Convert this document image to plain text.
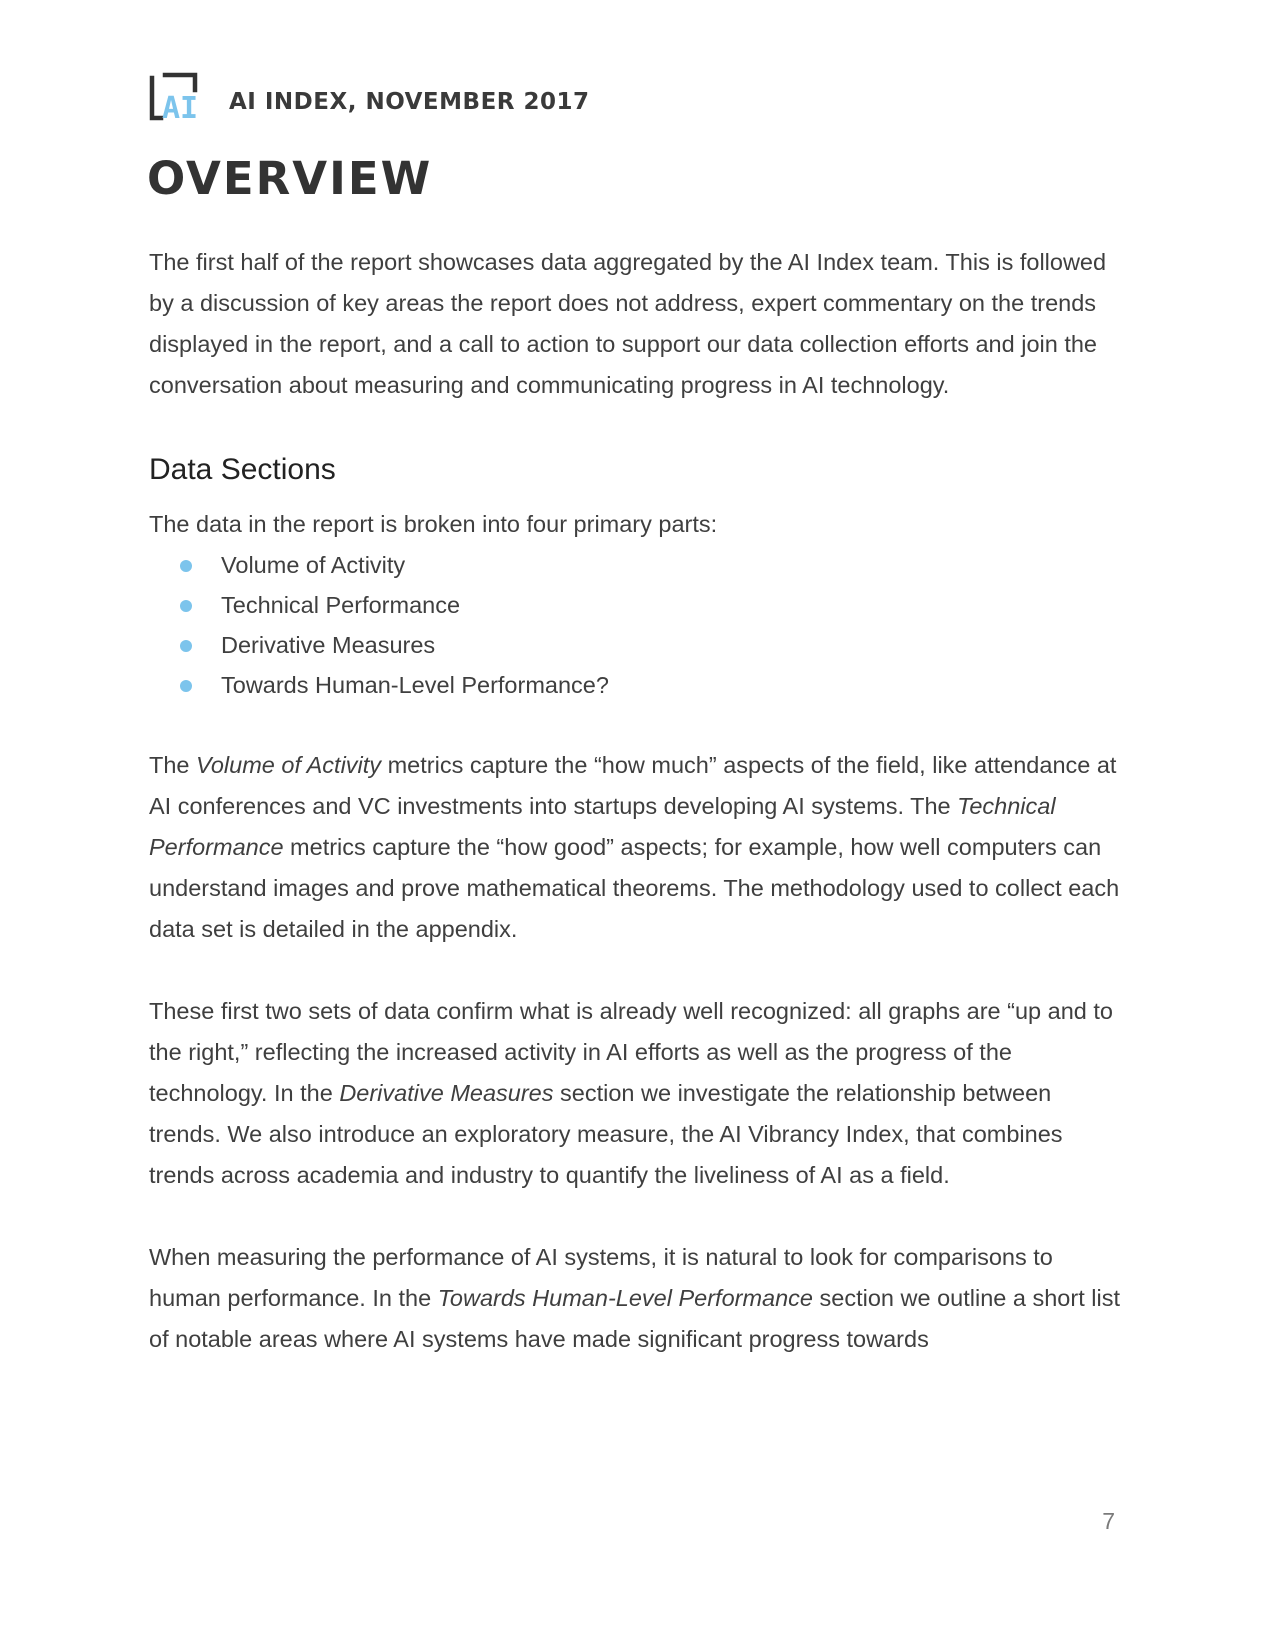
AI AI INDEX, NOVEMBER 2017
OVERVIEW

The first half of the report showcases data aggregated by the AI Index team. This is followed by a discussion of key areas the report does not address, expert commentary on the trends displayed in the report, and a call to action to support our data collection efforts and join the conversation about measuring and communicating progress in AI technology.

Data Sections

The data in the report is broken into four primary parts:

Volume of Activity
Technical Performance
Derivative Measures
Towards Human-Level Performance?

The Volume of Activity metrics capture the “how much” aspects of the field, like attendance at AI conferences and VC investments into startups developing AI systems. The Technical Performance metrics capture the “how good” aspects; for example, how well computers can understand images and prove mathematical theorems. The methodology used to collect each data set is detailed in the appendix.

These first two sets of data confirm what is already well recognized: all graphs are “up and to the right,” reflecting the increased activity in AI efforts as well as the progress of the technology. In the Derivative Measures section we investigate the relationship between trends. We also introduce an exploratory measure, the AI Vibrancy Index, that combines trends across academia and industry to quantify the liveliness of AI as a field.

When measuring the performance of AI systems, it is natural to look for comparisons to human performance. In the Towards Human-Level Performance section we outline a short list of notable areas where AI systems have made significant progress towards

7
